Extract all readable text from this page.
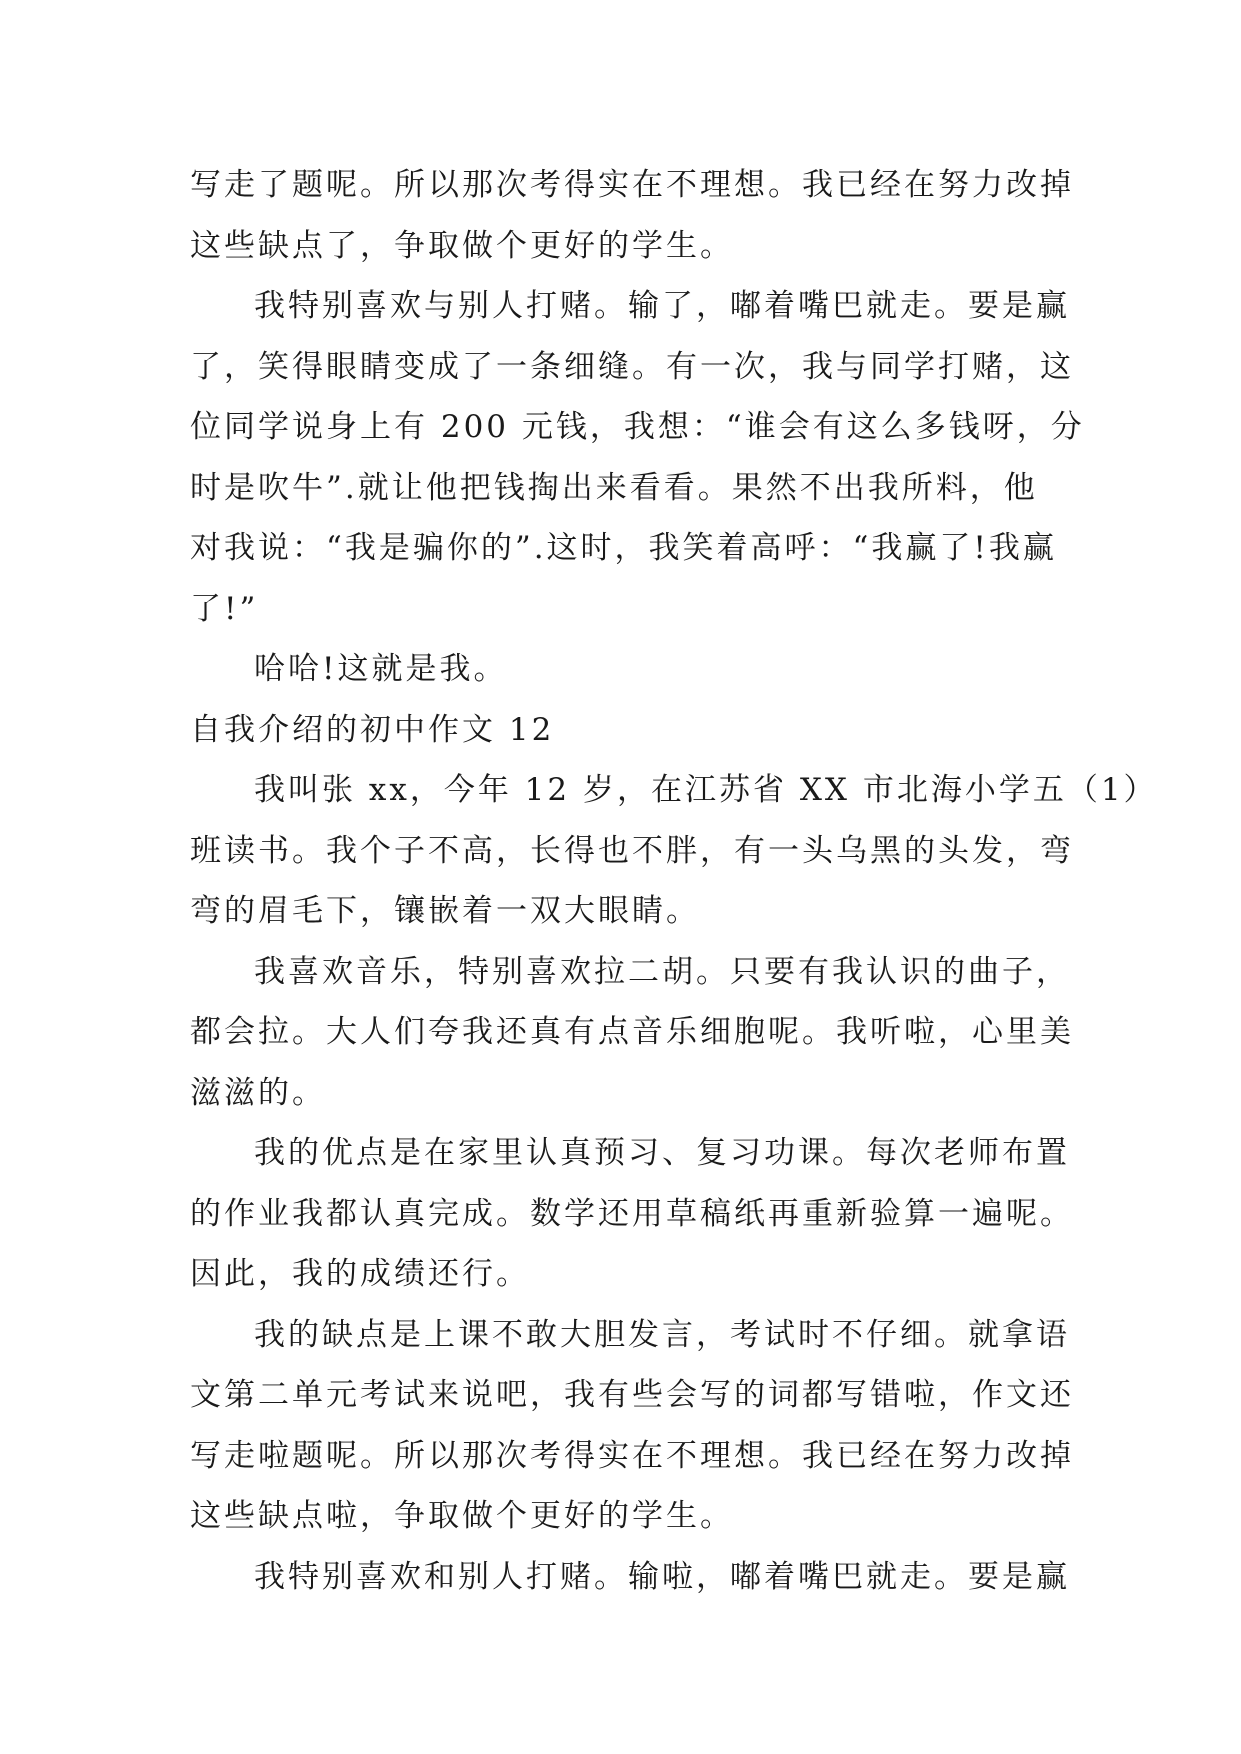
写走了题呢。所以那次考得实在不理想。我已经在努力改掉
这些缺点了，争取做个更好的学生。
我特别喜欢与别人打赌。输了，嘟着嘴巴就走。要是赢
了，笑得眼睛变成了一条细缝。有一次，我与同学打赌，这
位同学说身上有 200 元钱，我想：“谁会有这么多钱呀，分
时是吹牛”.就让他把钱掏出来看看。果然不出我所料，他
对我说：“我是骗你的”.这时，我笑着高呼：“我赢了!我赢
了!”
哈哈!这就是我。
自我介绍的初中作文 12
我叫张 xx，今年 12 岁，在江苏省 XX 市北海小学五（1）
班读书。我个子不高，长得也不胖，有一头乌黑的头发，弯
弯的眉毛下，镶嵌着一双大眼睛。
我喜欢音乐，特别喜欢拉二胡。只要有我认识的曲子，
都会拉。大人们夸我还真有点音乐细胞呢。我听啦，心里美
滋滋的。
我的优点是在家里认真预习、复习功课。每次老师布置
的作业我都认真完成。数学还用草稿纸再重新验算一遍呢。
因此，我的成绩还行。
我的缺点是上课不敢大胆发言，考试时不仔细。就拿语
文第二单元考试来说吧，我有些会写的词都写错啦，作文还
写走啦题呢。所以那次考得实在不理想。我已经在努力改掉
这些缺点啦，争取做个更好的学生。
我特别喜欢和别人打赌。输啦，嘟着嘴巴就走。要是赢
